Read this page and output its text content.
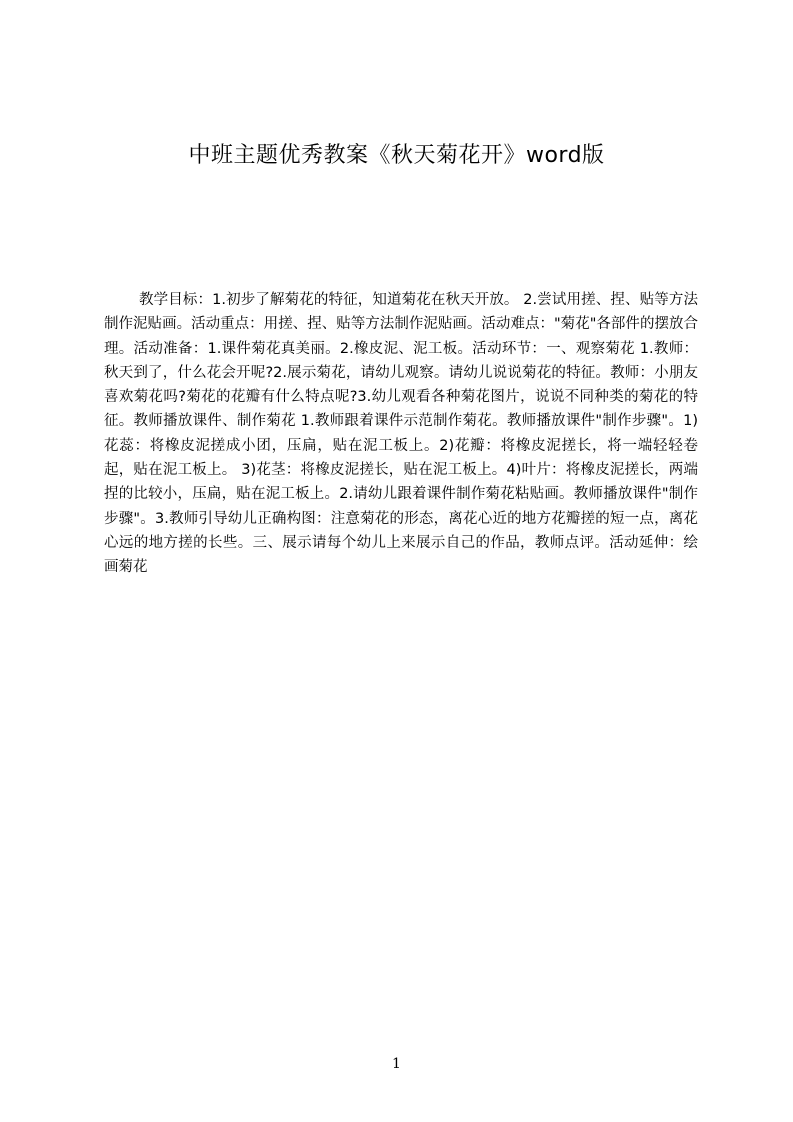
中班主题优秀教案《秋天菊花开》word版

教学目标：1.初步了解菊花的特征，知道菊花在秋天开放。 2.尝试用搓、捏、贴等方法制作泥贴画。活动重点：用搓、捏、贴等方法制作泥贴画。活动难点："菊花"各部件的摆放合理。活动准备：1.课件菊花真美丽。2.橡皮泥、泥工板。活动环节：一、观察菊花 1.教师：秋天到了，什么花会开呢?2.展示菊花，请幼儿观察。请幼儿说说菊花的特征。教师：小朋友喜欢菊花吗?菊花的花瓣有什么特点呢?3.幼儿观看各种菊花图片，说说不同种类的菊花的特征。教师播放课件、制作菊花 1.教师跟着课件示范制作菊花。教师播放课件"制作步骤"。1)花蕊：将橡皮泥搓成小团，压扁，贴在泥工板上。2)花瓣：将橡皮泥搓长，将一端轻轻卷起，贴在泥工板上。 3)花茎：将橡皮泥搓长，贴在泥工板上。4)叶片：将橡皮泥搓长，两端捏的比较小，压扁，贴在泥工板上。2.请幼儿跟着课件制作菊花粘贴画。教师播放课件"制作步骤"。3.教师引导幼儿正确构图：注意菊花的形态，离花心近的地方花瓣搓的短一点，离花心远的地方搓的长些。三、展示请每个幼儿上来展示自己的作品，教师点评。活动延伸：绘画菊花

1
